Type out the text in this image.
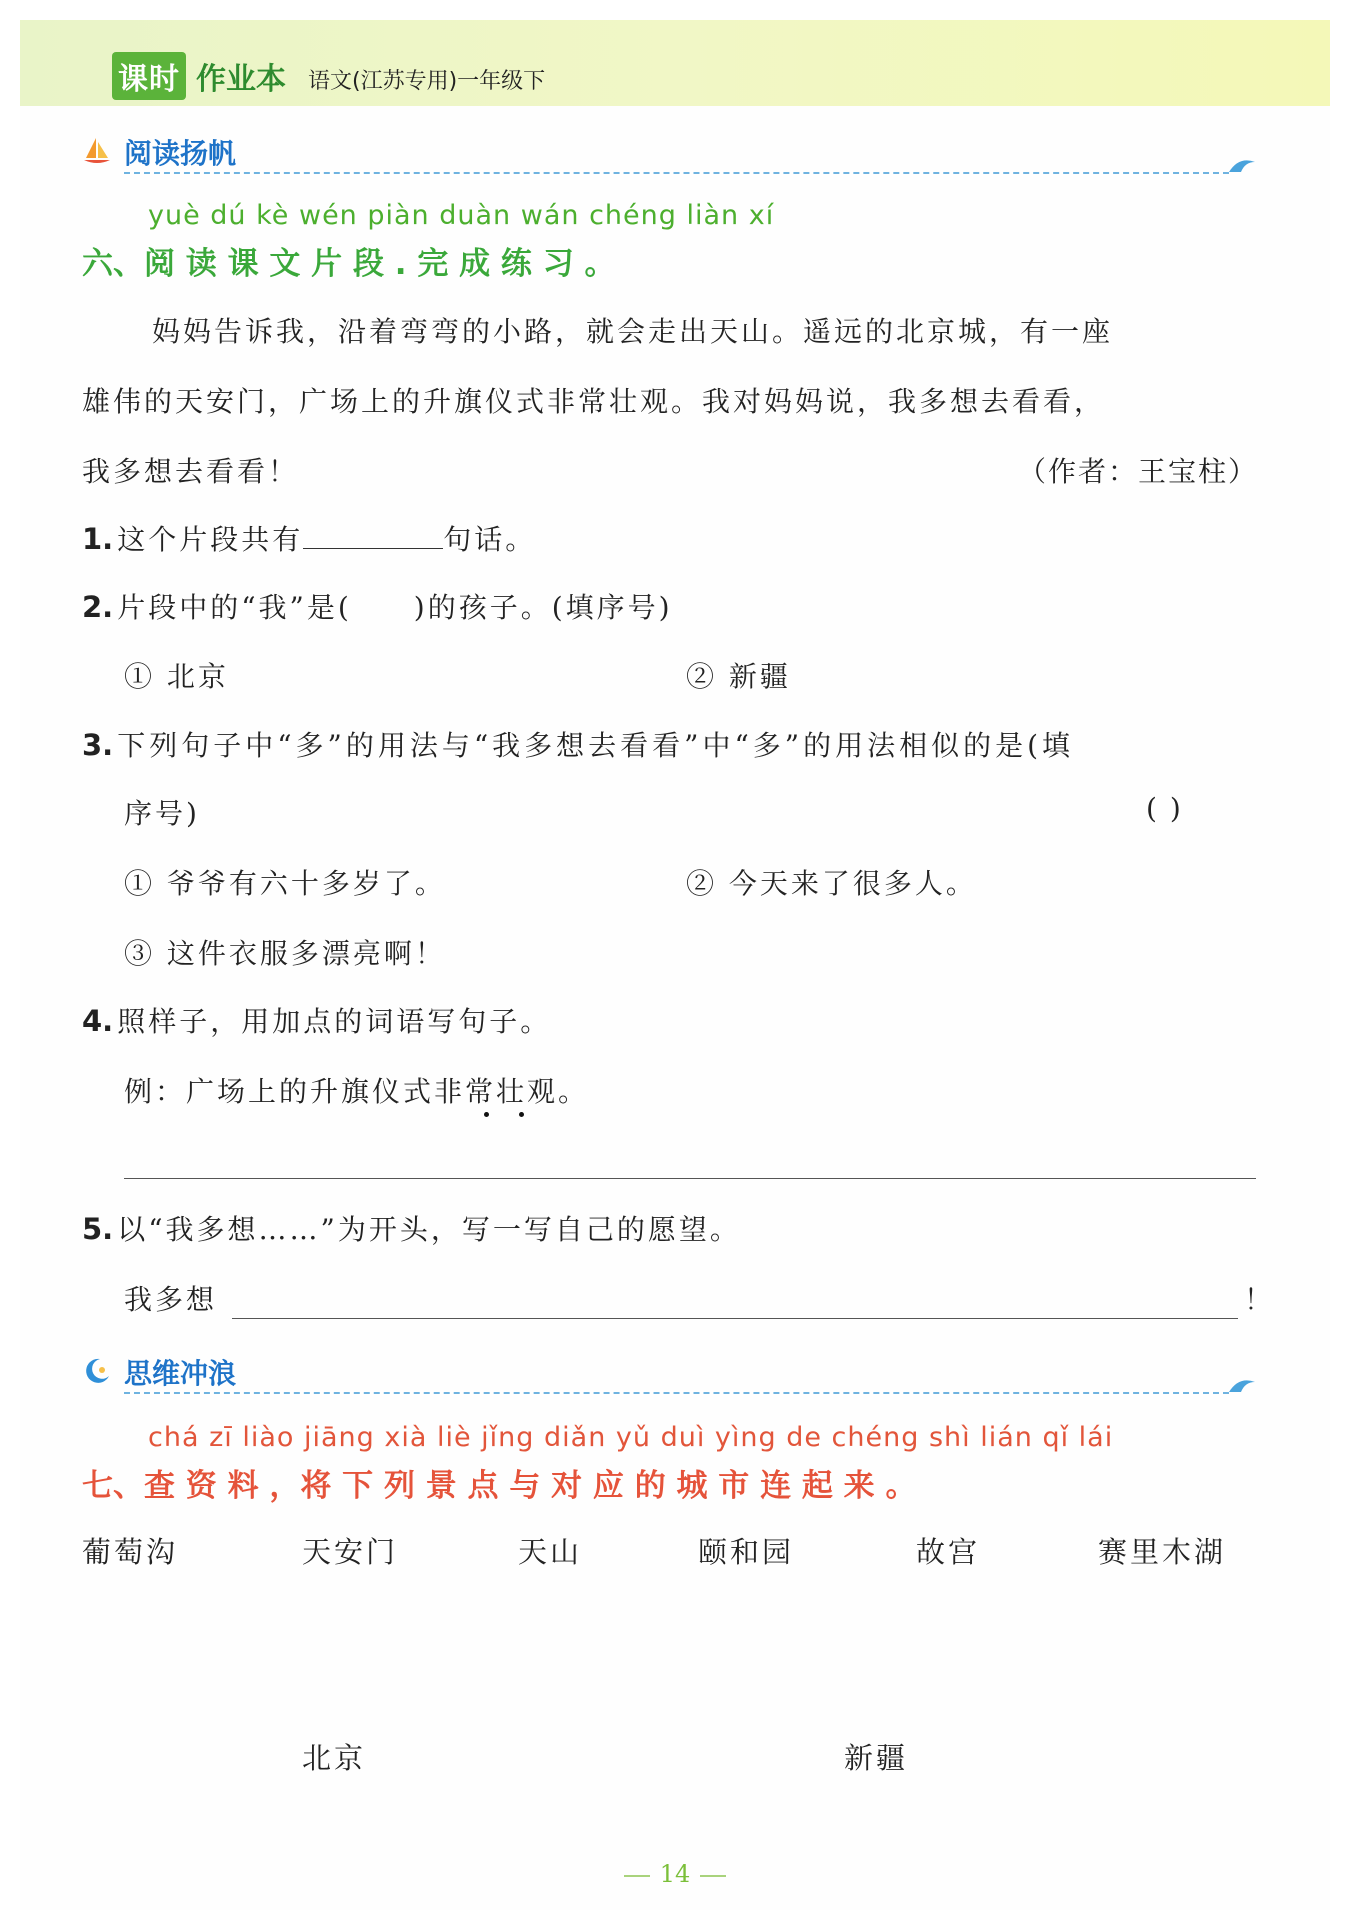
课时 作业本 语文(江苏专用)一年级下
阅读扬帆
yuè dú kè wén piàn duàn wán chéng liàn xí
六、阅 读 课 文 片 段 . 完 成 练 习 。
妈妈告诉我，沿着弯弯的小路，就会走出天山。遥远的北京城，有一座
雄伟的天安门，广场上的升旗仪式非常壮观。我对妈妈说，我多想去看看，
我多想去看看！	（作者：王宝柱）
1. 这个片段共有	句话。
2. 片段中的“我”是( )的孩子。(填序号)
① 北京	② 新疆
3. 下列句子中“多”的用法与“我多想去看看”中“多”的用法相似的是(填
序号)	( )
① 爷爷有六十多岁了。	② 今天来了很多人。
③ 这件衣服多漂亮啊！
4. 照样子，用加点的词语写句子。
例：广场上的升旗仪式非常壮观。
5. 以“我多想……”为开头，写一写自己的愿望。
我多想	！
思维冲浪
chá zī liào jiāng xià liè jǐng diǎn yǔ duì yìng de chéng shì lián qǐ lái
七、查 资 料 ，将 下 列 景 点 与 对 应 的 城 市 连 起 来 。
葡萄沟	天安门	天山	颐和园	故宫	赛里木湖
北京	新疆
14
